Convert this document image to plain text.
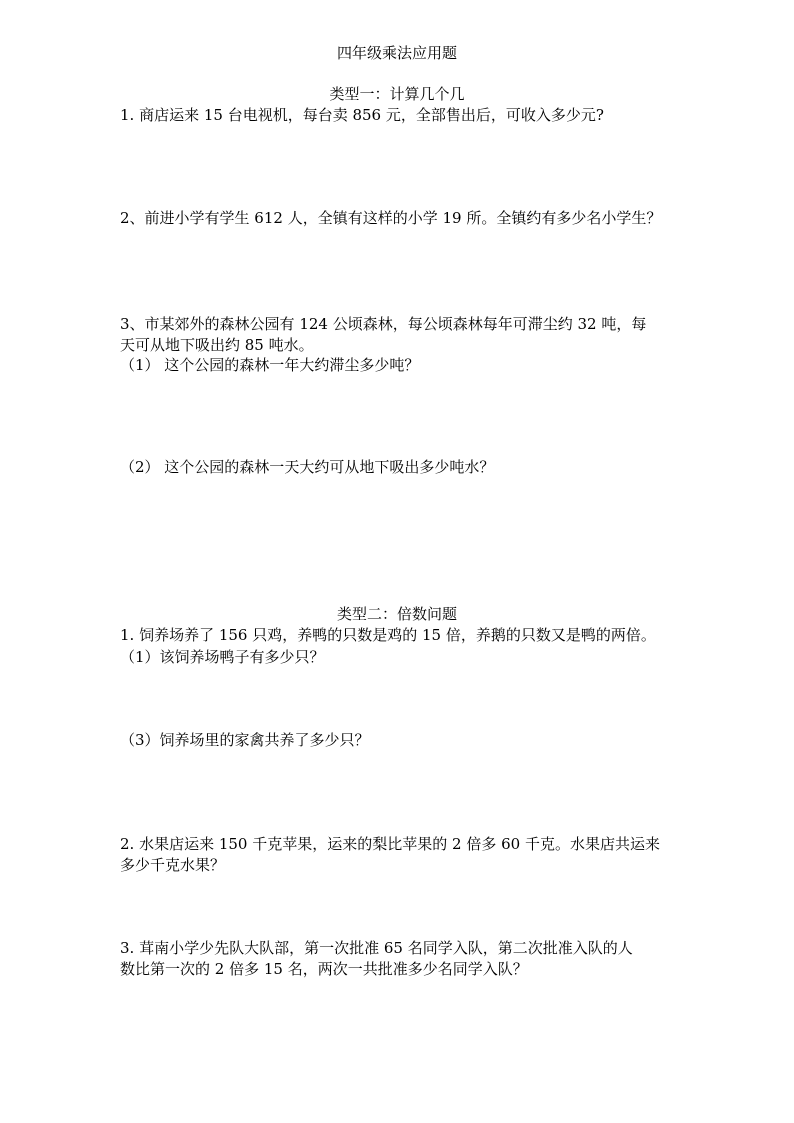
四年级乘法应用题
类型一：计算几个几
1. 商店运来 15 台电视机，每台卖 856 元，全部售出后，可收入多少元?
2、前进小学有学生 612 人，全镇有这样的小学 19 所。全镇约有多少名小学生？
3、市某郊外的森林公园有 124 公顷森林，每公顷森林每年可滞尘约 32 吨，每
天可从地下吸出约 85 吨水。
（1） 这个公园的森林一年大约滞尘多少吨？
（2） 这个公园的森林一天大约可从地下吸出多少吨水？
类型二：倍数问题
1. 饲养场养了 156 只鸡，养鸭的只数是鸡的 15 倍，养鹅的只数又是鸭的两倍。
（1）该饲养场鸭子有多少只？
（3）饲养场里的家禽共养了多少只？
2. 水果店运来 150 千克苹果，运来的梨比苹果的 2 倍多 60 千克。水果店共运来
多少千克水果？
3. 茸南小学少先队大队部，第一次批准 65 名同学入队，第二次批准入队的人
数比第一次的 2 倍多 15 名，两次一共批准多少名同学入队？
